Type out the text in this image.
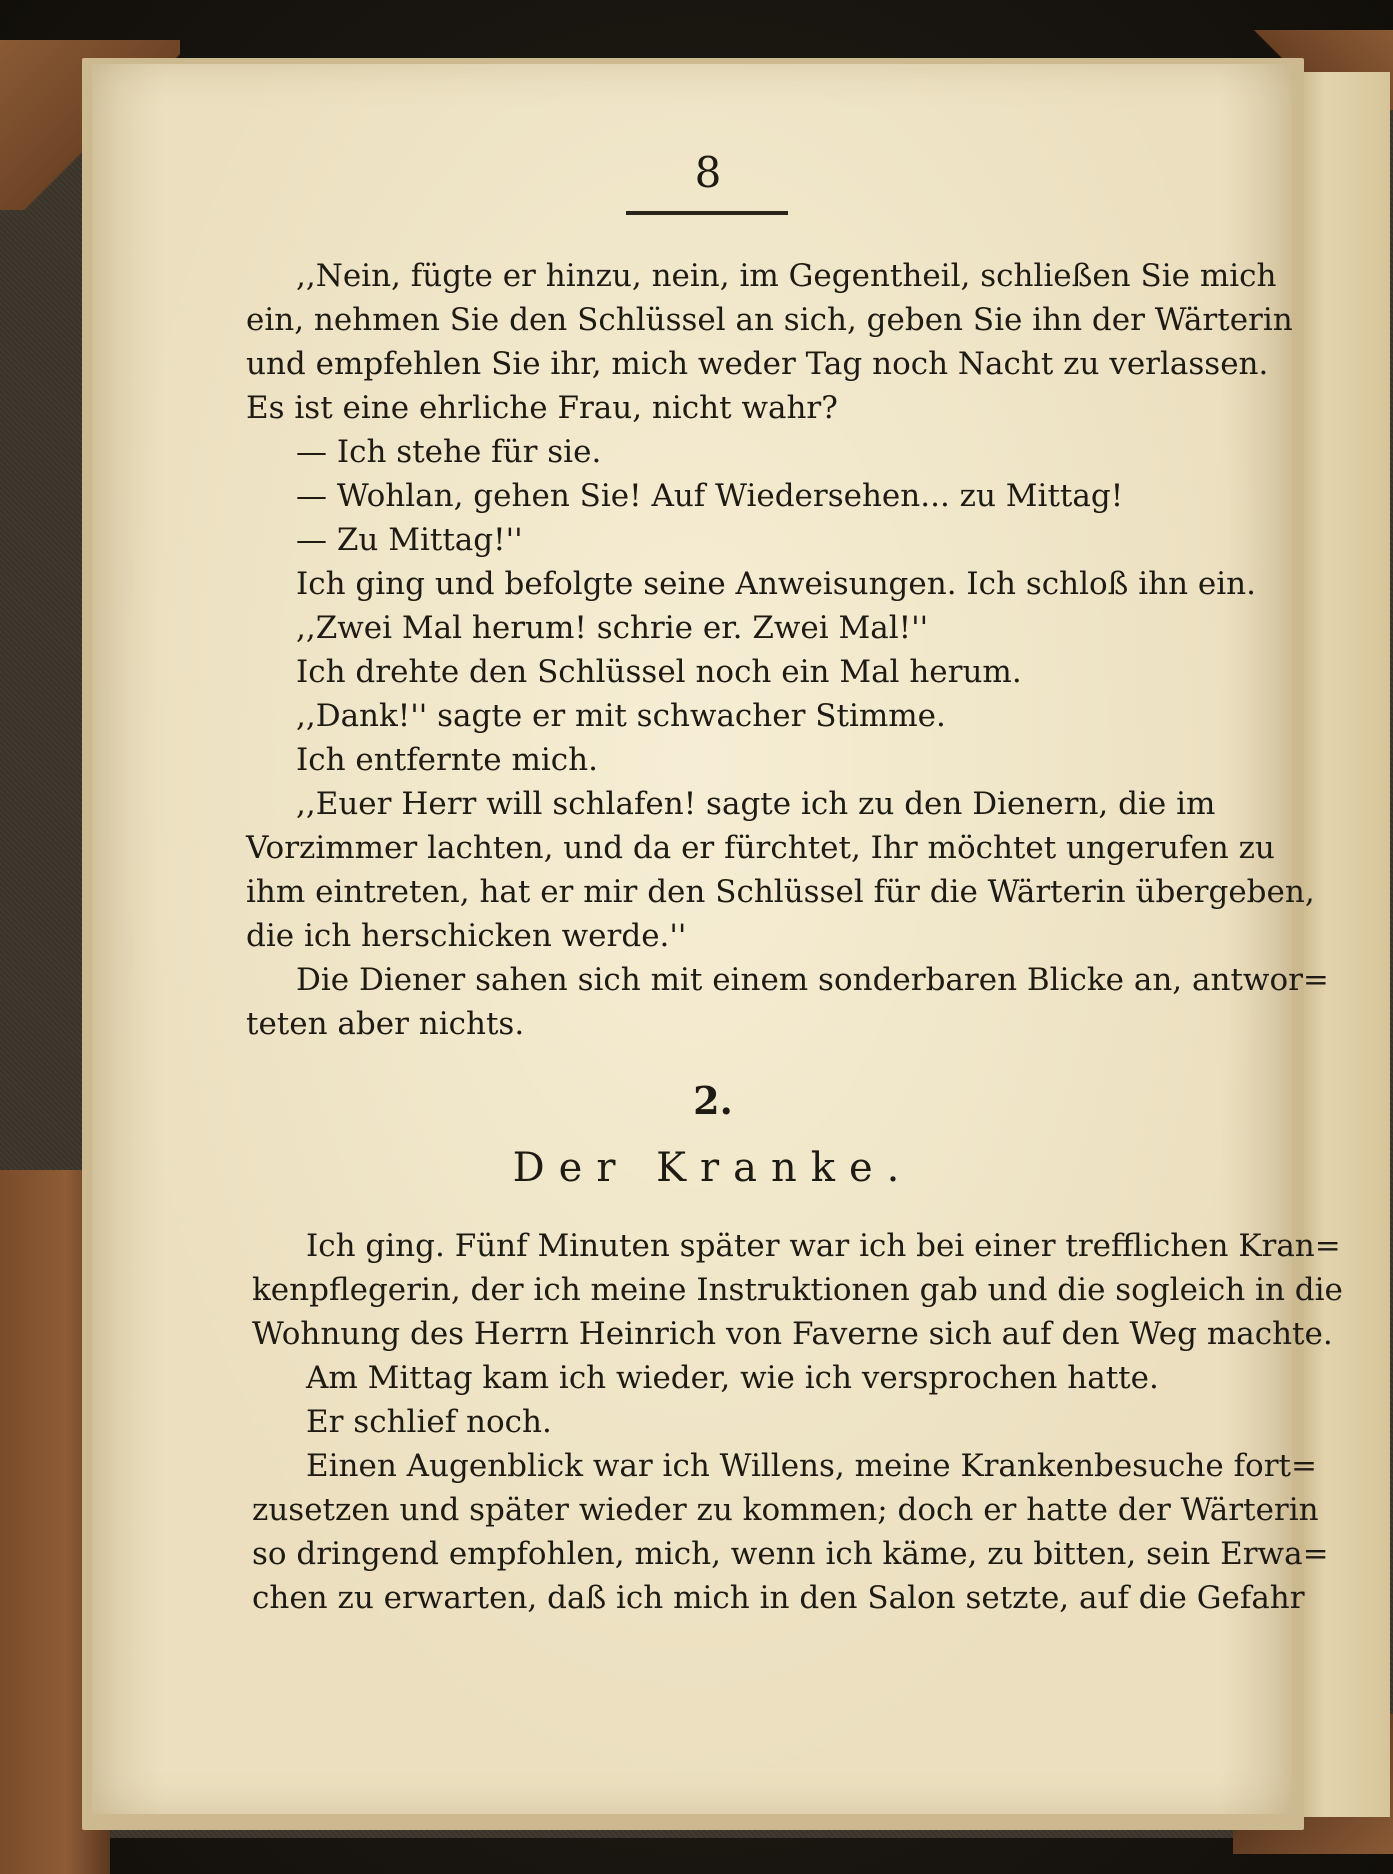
8

,,Nein, fügte er hinzu, nein, im Gegentheil, schließen Sie mich

ein, nehmen Sie den Schlüssel an sich, geben Sie ihn der Wärterin

und empfehlen Sie ihr, mich weder Tag noch Nacht zu verlassen.

Es ist eine ehrliche Frau, nicht wahr?

— Ich stehe für sie.

— Wohlan, gehen Sie! Auf Wiedersehen... zu Mittag!

— Zu Mittag!''

Ich ging und befolgte seine Anweisungen. Ich schloß ihn ein.

,,Zwei Mal herum! schrie er. Zwei Mal!''

Ich drehte den Schlüssel noch ein Mal herum.

,,Dank!'' sagte er mit schwacher Stimme.

Ich entfernte mich.

,,Euer Herr will schlafen! sagte ich zu den Dienern, die im

Vorzimmer lachten, und da er fürchtet, Ihr möchtet ungerufen zu

ihm eintreten, hat er mir den Schlüssel für die Wärterin übergeben,

die ich herschicken werde.''

Die Diener sahen sich mit einem sonderbaren Blicke an, antwor=

teten aber nichts.

2.
Der Kranke.

Ich ging. Fünf Minuten später war ich bei einer trefflichen Kran=

kenpflegerin, der ich meine Instruktionen gab und die sogleich in die

Wohnung des Herrn Heinrich von Faverne sich auf den Weg machte.

Am Mittag kam ich wieder, wie ich versprochen hatte.

Er schlief noch.

Einen Augenblick war ich Willens, meine Krankenbesuche fort=

zusetzen und später wieder zu kommen; doch er hatte der Wärterin

so dringend empfohlen, mich, wenn ich käme, zu bitten, sein Erwa=

chen zu erwarten, daß ich mich in den Salon setzte, auf die Gefahr
